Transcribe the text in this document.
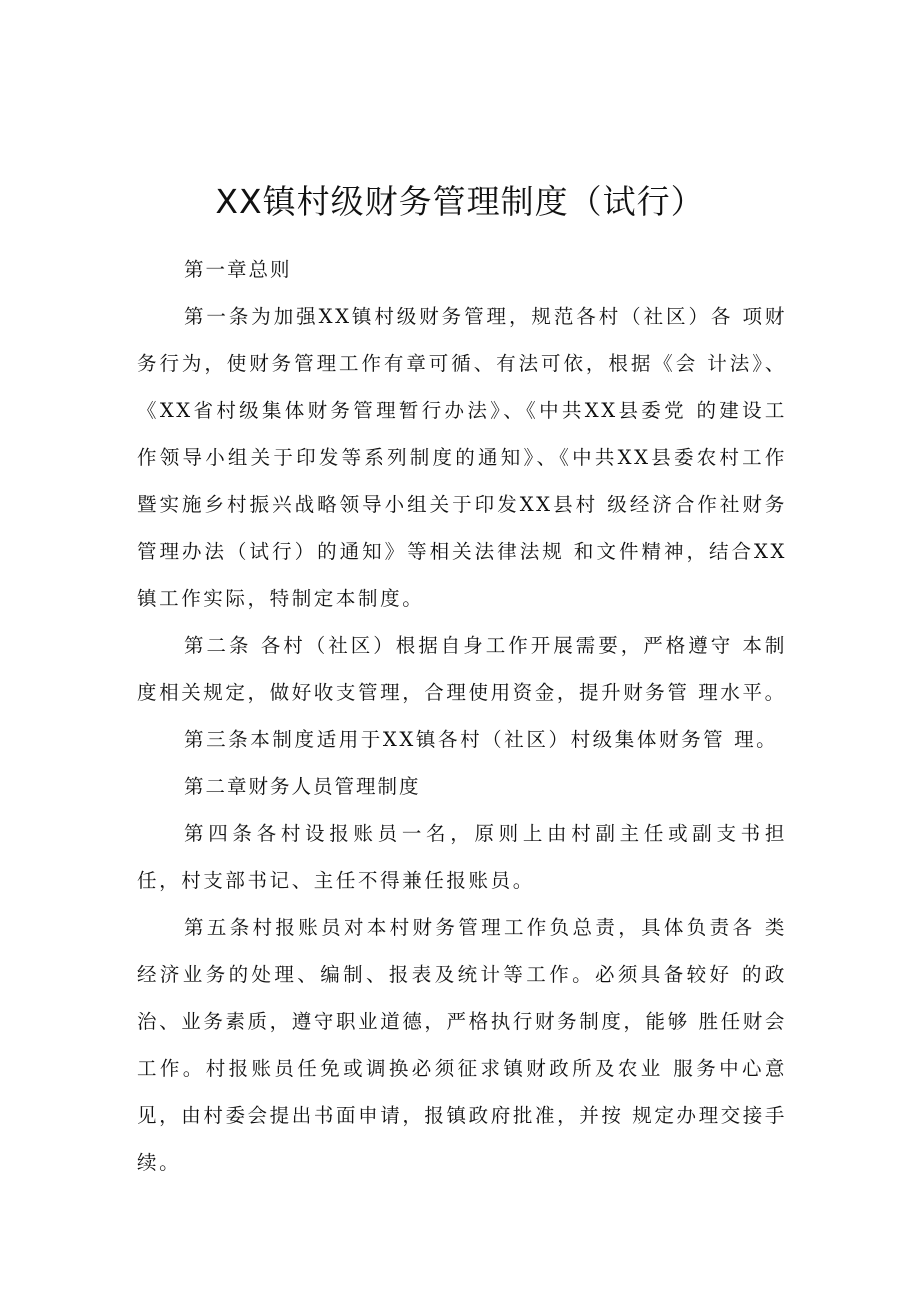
XX镇村级财务管理制度（试行）

第一章总则

第一条为加强XX镇村级财务管理，规范各村（社区）各 项财务行为，使财务管理工作有章可循、有法可依，根据《会 计法》、《XX省村级集体财务管理暂行办法》、《中共XX县委党 的建设工作领导小组关于印发等系列制度的通知》、《中共XX县委农村工作暨实施乡村振兴战略领导小组关于印发XX县村 级经济合作社财务管理办法（试行）的通知》等相关法律法规 和文件精神，结合XX镇工作实际，特制定本制度。

第二条 各村（社区）根据自身工作开展需要，严格遵守 本制度相关规定，做好收支管理，合理使用资金，提升财务管 理水平。

第三条本制度适用于XX镇各村（社区）村级集体财务管 理。

第二章财务人员管理制度

第四条各村设报账员一名，原则上由村副主任或副支书担 任，村支部书记、主任不得兼任报账员。

第五条村报账员对本村财务管理工作负总责，具体负责各 类经济业务的处理、编制、报表及统计等工作。必须具备较好 的政治、业务素质，遵守职业道德，严格执行财务制度，能够 胜任财会工作。村报账员任免或调换必须征求镇财政所及农业 服务中心意见，由村委会提出书面申请，报镇政府批准，并按 规定办理交接手续。
